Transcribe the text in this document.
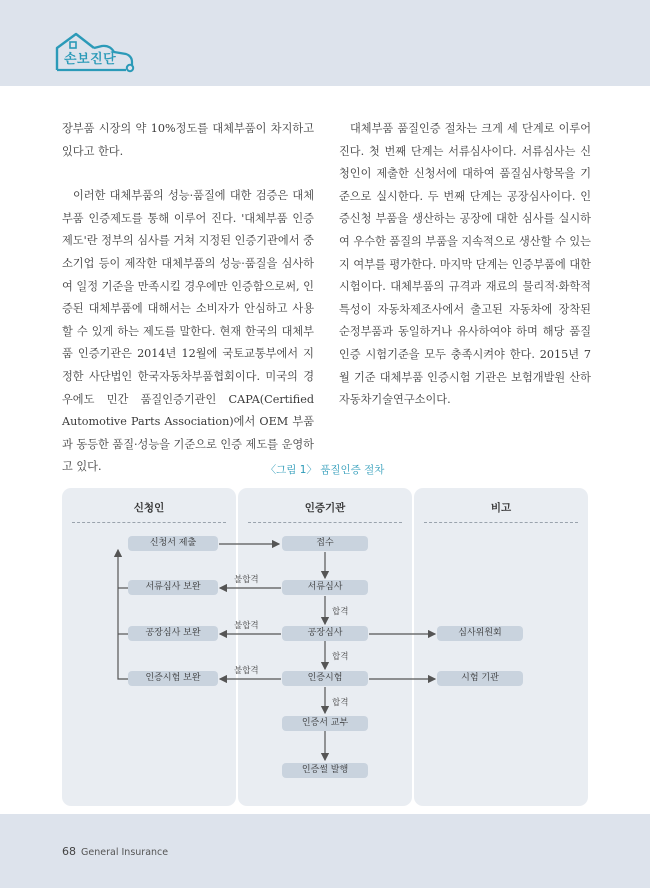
손보진단

장부품 시장의 약 10%정도를 대체부품이 차지하고 있다고 한다.

이러한 대체부품의 성능·품질에 대한 검증은 대체부품 인증제도를 통해 이루어 진다. '대체부품 인증제도'란 정부의 심사를 거쳐 지정된 인증기관에서 중소기업 등이 제작한 대체부품의 성능·품질을 심사하여 일정 기준을 만족시킬 경우에만 인증함으로써, 인증된 대체부품에 대해서는 소비자가 안심하고 사용할 수 있게 하는 제도를 말한다. 현재 한국의 대체부품 인증기관은 2014년 12월에 국토교통부에서 지정한 사단법인 한국자동차부품협회이다. 미국의 경우에도 민간 품질인증기관인 CAPA(Certified Automotive Parts Association)에서 OEM 부품과 동등한 품질·성능을 기준으로 인증 제도를 운영하고 있다.

대체부품 품질인증 절차는 크게 세 단계로 이루어진다. 첫 번째 단계는 서류심사이다. 서류심사는 신청인이 제출한 신청서에 대하여 품질심사항목을 기준으로 실시한다. 두 번째 단계는 공장심사이다. 인증신청 부품을 생산하는 공장에 대한 심사를 실시하여 우수한 품질의 부품을 지속적으로 생산할 수 있는지 여부를 평가한다. 마지막 단계는 인증부품에 대한 시험이다. 대체부품의 규격과 재료의 물리적·화학적 특성이 자동차제조사에서 출고된 자동차에 장착된 순정부품과 동일하거나 유사하여야 하며 해당 품질인증 시험기준을 모두 충족시켜야 한다. 2015년 7월 기준 대체부품 인증시험 기관은 보험개발원 산하 자동차기술연구소이다.

〈그림 1〉 품질인증 절차
신청인	인증기관	비고
신청서 제출
서류심사 보완
공장심사 보완
인증시험 보완
접수
서류심사
공장심사
인증시험
인증서 교부
인증썰 발행
심사위원회
시험 기관
불합격
불합격
불합격
합격
합격
합격
68 General Insurance
